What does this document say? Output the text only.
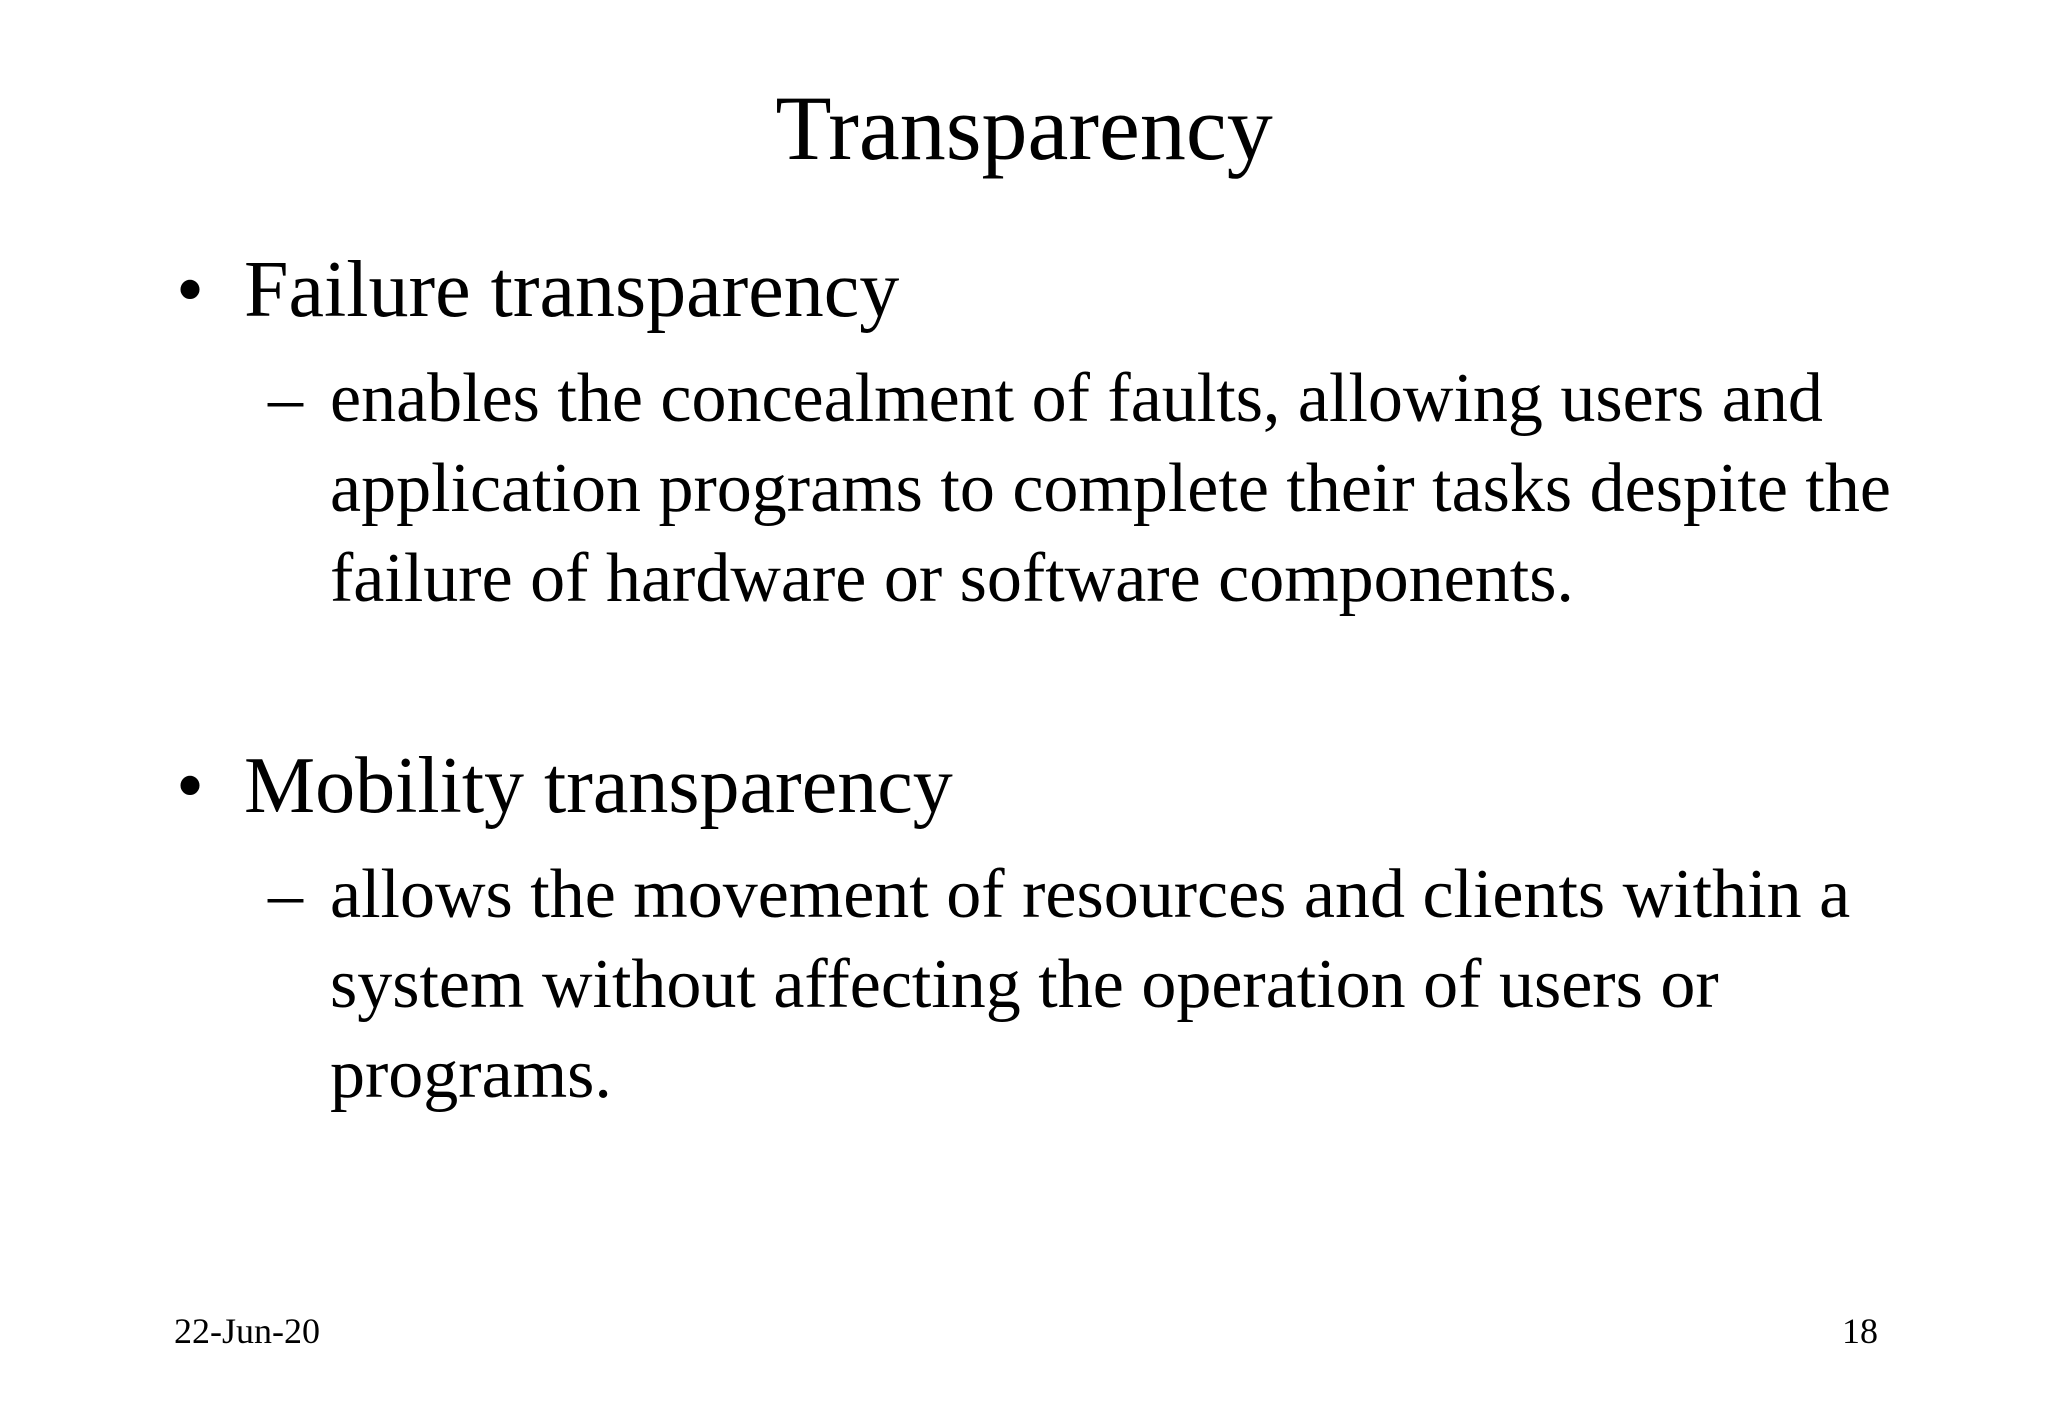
Transparency
• Failure transparency
– enables the concealment of faults, allowing users and application programs to complete their tasks despite the failure of hardware or software components.
• Mobility transparency
– allows the movement of resources and clients within a system without affecting the operation of users or programs.
22-Jun-20	18
